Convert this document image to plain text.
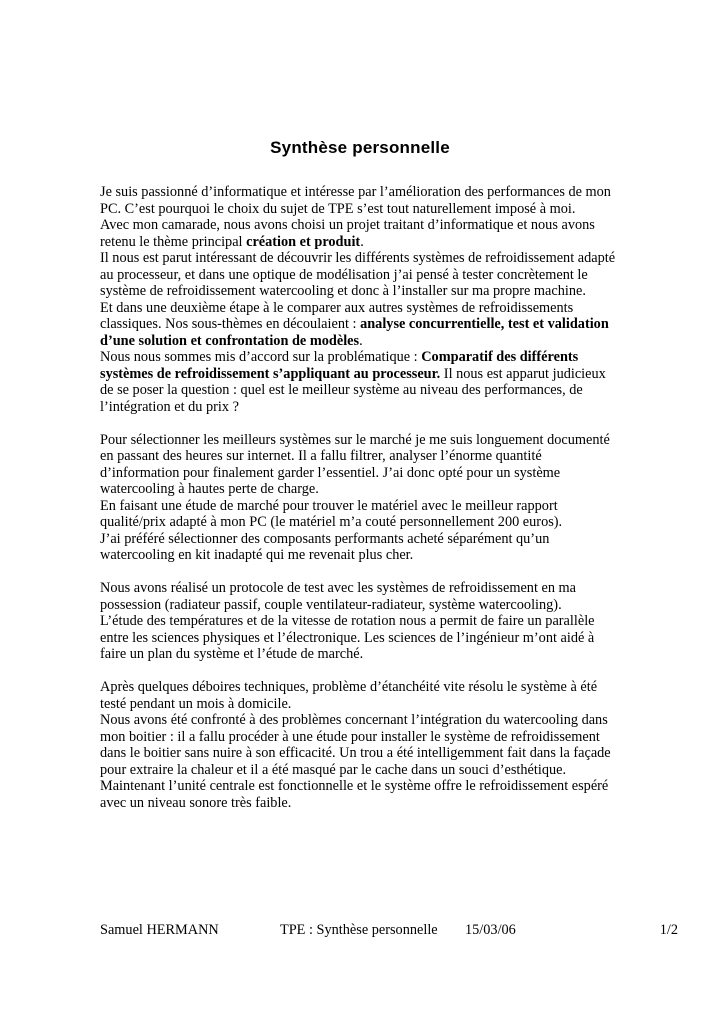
Synthèse personnelle

Je suis passionné d’informatique et intéresse par l’amélioration des performances de mon PC. C’est pourquoi le choix du sujet de TPE s’est tout naturellement imposé à moi.

Avec mon camarade, nous avons choisi un projet traitant d’informatique et nous avons retenu le thème principal création et produit.

Il nous est parut intéressant de découvrir les différents systèmes de refroidissement adapté au processeur, et dans une optique de modélisation j’ai pensé à tester concrètement le système de refroidissement watercooling et donc à l’installer sur ma propre machine.

Et dans une deuxième étape à le comparer aux autres systèmes de refroidissements classiques. Nos sous-thèmes en découlaient : analyse concurrentielle, test et validation d’une solution et confrontation de modèles.

Nous nous sommes mis d’accord sur la problématique : Comparatif des différents systèmes de refroidissement s’appliquant au processeur. Il nous est apparut judicieux de se poser la question : quel est le meilleur système au niveau des performances, de l’intégration et du prix ?

Pour sélectionner les meilleurs systèmes sur le marché je me suis longuement documenté en passant des heures sur internet. Il a fallu filtrer, analyser l’énorme quantité d’information pour finalement garder l’essentiel. J’ai donc opté pour un système watercooling à hautes perte de charge.

En faisant une étude de marché pour trouver le matériel avec le meilleur rapport qualité/prix adapté à mon PC (le matériel m’a couté personnellement 200 euros).

J’ai préféré sélectionner des composants performants acheté séparément qu’un watercooling en kit inadapté qui me revenait plus cher.

Nous avons réalisé un protocole de test avec les systèmes de refroidissement en ma possession (radiateur passif, couple ventilateur-radiateur, système watercooling).

L’étude des températures et de la vitesse de rotation nous a permit de faire un parallèle entre les sciences physiques et l’électronique. Les sciences de l’ingénieur m’ont aidé à faire un plan du système et l’étude de marché.

Après quelques déboires techniques, problème d’étanchéité vite résolu le système à été testé pendant un mois à domicile.

Nous avons été confronté à des problèmes concernant l’intégration du watercooling dans mon boitier : il a fallu procéder à une étude pour installer le système de refroidissement dans le boitier sans nuire à son efficacité. Un trou a été intelligemment fait dans la façade pour extraire la chaleur et il a été masqué par le cache dans un souci d’esthétique.

Maintenant l’unité centrale est fonctionnelle et le système offre le refroidissement espéré avec un niveau sonore très faible.

Samuel HERMANN	TPE : Synthèse personnelle 15/03/06	1/2
